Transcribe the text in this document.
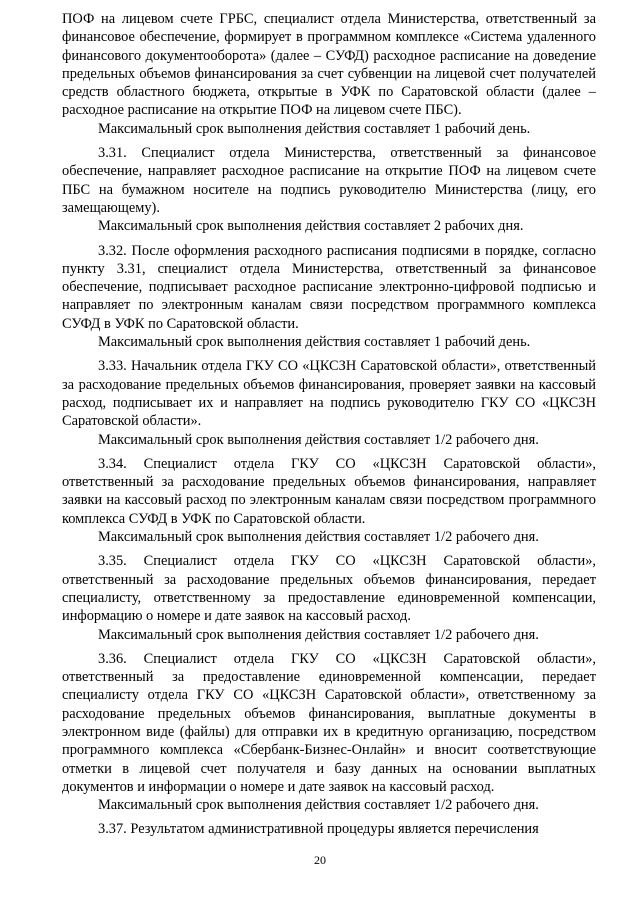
ПОФ на лицевом счете ГРБС, специалист отдела Министерства, ответственный за финансовое обеспечение, формирует в программном комплексе «Система удаленного финансового документооборота» (далее – СУФД) расходное расписание на доведение предельных объемов финансирования за счет субвенции на лицевой счет получателей средств областного бюджета, открытые в УФК по Саратовской области (далее – расходное расписание на открытие ПОФ на лицевом счете ПБС).

Максимальный срок выполнения действия составляет 1 рабочий день.

3.31. Специалист отдела Министерства, ответственный за финансовое обеспечение, направляет расходное расписание на открытие ПОФ на лицевом счете ПБС на бумажном носителе на подпись руководителю Министерства (лицу, его замещающему).

Максимальный срок выполнения действия составляет 2 рабочих дня.

3.32. После оформления расходного расписания подписями в порядке, согласно пункту 3.31, специалист отдела Министерства, ответственный за финансовое обеспечение, подписывает расходное расписание электронно-цифровой подписью и направляет по электронным каналам связи посредством программного комплекса СУФД в УФК по Саратовской области.

Максимальный срок выполнения действия составляет 1 рабочий день.

3.33. Начальник отдела ГКУ СО «ЦКСЗН Саратовской области», ответственный за расходование предельных объемов финансирования, проверяет заявки на кассовый расход, подписывает их и направляет на подпись руководителю ГКУ СО «ЦКСЗН Саратовской области».

Максимальный срок выполнения действия составляет 1/2 рабочего дня.

3.34. Специалист отдела ГКУ СО «ЦКСЗН Саратовской области», ответственный за расходование предельных объемов финансирования, направляет заявки на кассовый расход по электронным каналам связи посредством программного комплекса СУФД в УФК по Саратовской области.

Максимальный срок выполнения действия составляет 1/2 рабочего дня.

3.35. Специалист отдела ГКУ СО «ЦКСЗН Саратовской области», ответственный за расходование предельных объемов финансирования, передает специалисту, ответственному за предоставление единовременной компенсации, информацию о номере и дате заявок на кассовый расход.

Максимальный срок выполнения действия составляет 1/2 рабочего дня.

3.36. Специалист отдела ГКУ СО «ЦКСЗН Саратовской области», ответственный за предоставление единовременной компенсации, передает специалисту отдела ГКУ СО «ЦКСЗН Саратовской области», ответственному за расходование предельных объемов финансирования, выплатные документы в электронном виде (файлы) для отправки их в кредитную организацию, посредством программного комплекса «Сбербанк-Бизнес-Онлайн» и вносит соответствующие отметки в лицевой счет получателя и базу данных на основании выплатных документов и информации о номере и дате заявок на кассовый расход.

Максимальный срок выполнения действия составляет 1/2 рабочего дня.

3.37. Результатом административной процедуры является перечисления

20
